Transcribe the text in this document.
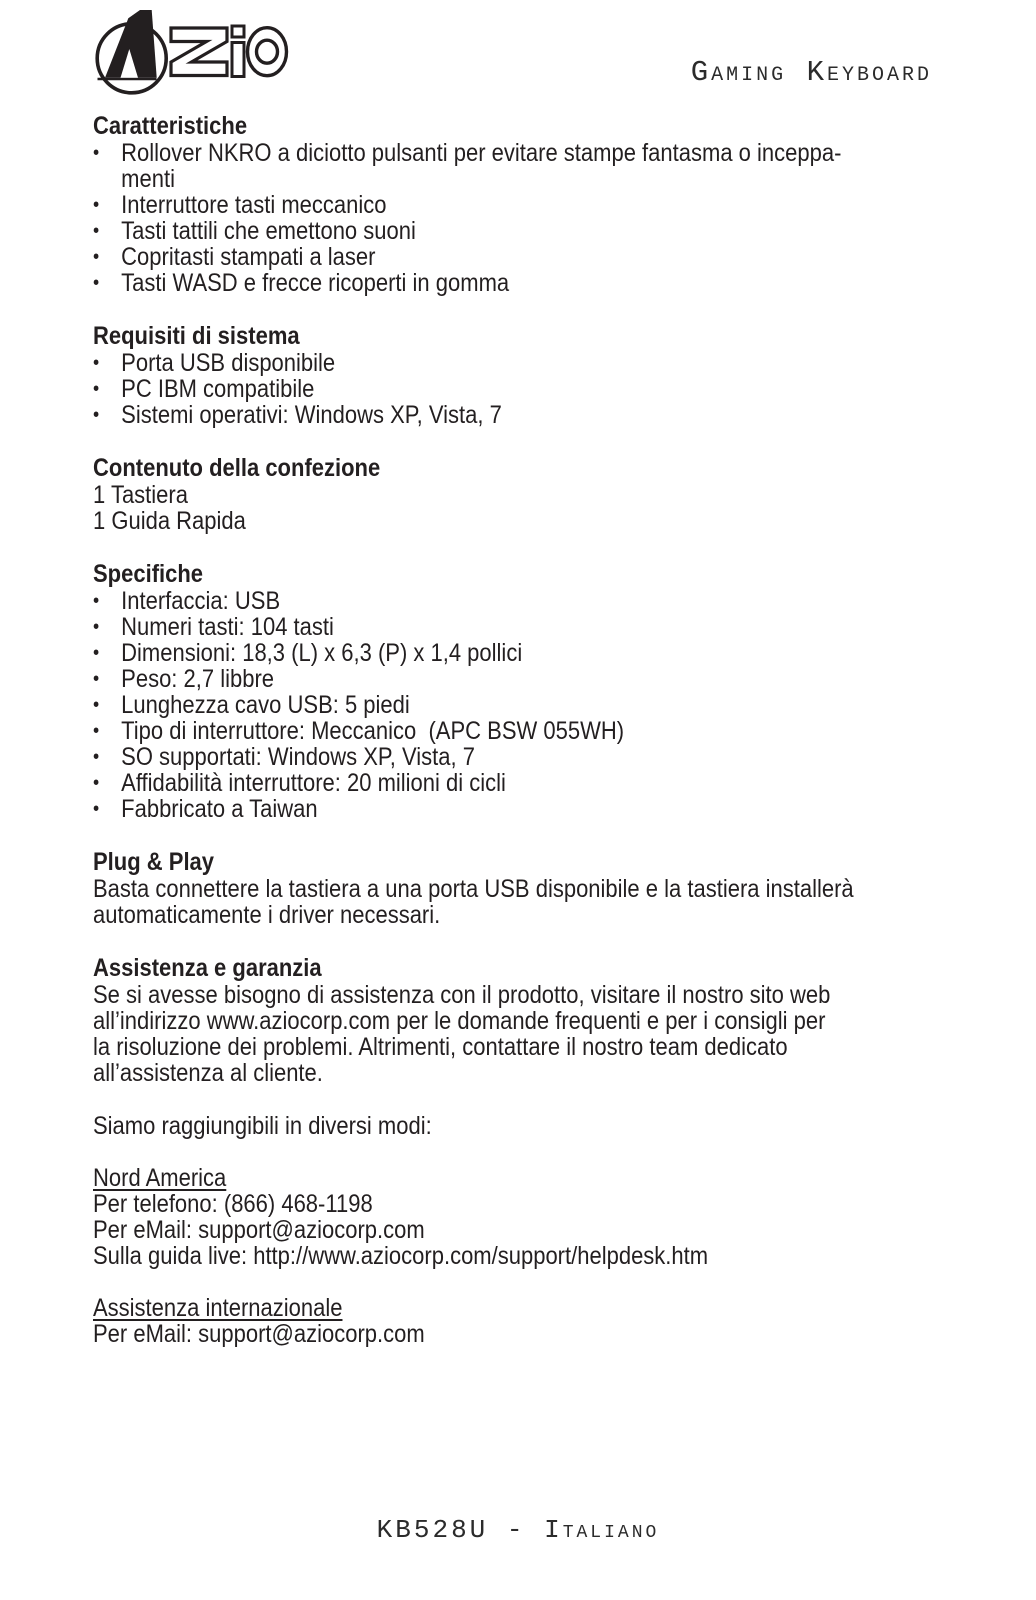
Gaming Keyboard
Caratteristiche
• Rollover NKRO a diciotto pulsanti per evitare stampe fantasma o inceppa-
menti
• Interruttore tasti meccanico
• Tasti tattili che emettono suoni
• Copritasti stampati a laser
• Tasti WASD e frecce ricoperti in gomma
Requisiti di sistema
• Porta USB disponibile
• PC IBM compatibile
• Sistemi operativi: Windows XP, Vista, 7
Contenuto della confezione
1 Tastiera
1 Guida Rapida
Specifiche
• Interfaccia: USB
• Numeri tasti: 104 tasti
• Dimensioni: 18,3 (L) x 6,3 (P) x 1,4 pollici
• Peso: 2,7 libbre
• Lunghezza cavo USB: 5 piedi
• Tipo di interruttore: Meccanico  (APC BSW 055WH)
• SO supportati: Windows XP, Vista, 7
• Affidabilità interruttore: 20 milioni di cicli
• Fabbricato a Taiwan
Plug & Play
Basta connettere la tastiera a una porta USB disponibile e la tastiera installerà
automaticamente i driver necessari.
Assistenza e garanzia
Se si avesse bisogno di assistenza con il prodotto, visitare il nostro sito web
all’indirizzo www.aziocorp.com per le domande frequenti e per i consigli per
la risoluzione dei problemi. Altrimenti, contattare il nostro team dedicato
all’assistenza al cliente.
Siamo raggiungibili in diversi modi:
Nord America
Per telefono: (866) 468-1198
Per eMail: support@aziocorp.com
Sulla guida live: http://www.aziocorp.com/support/helpdesk.htm
Assistenza internazionale
Per eMail: support@aziocorp.com
KB528U - Italiano
